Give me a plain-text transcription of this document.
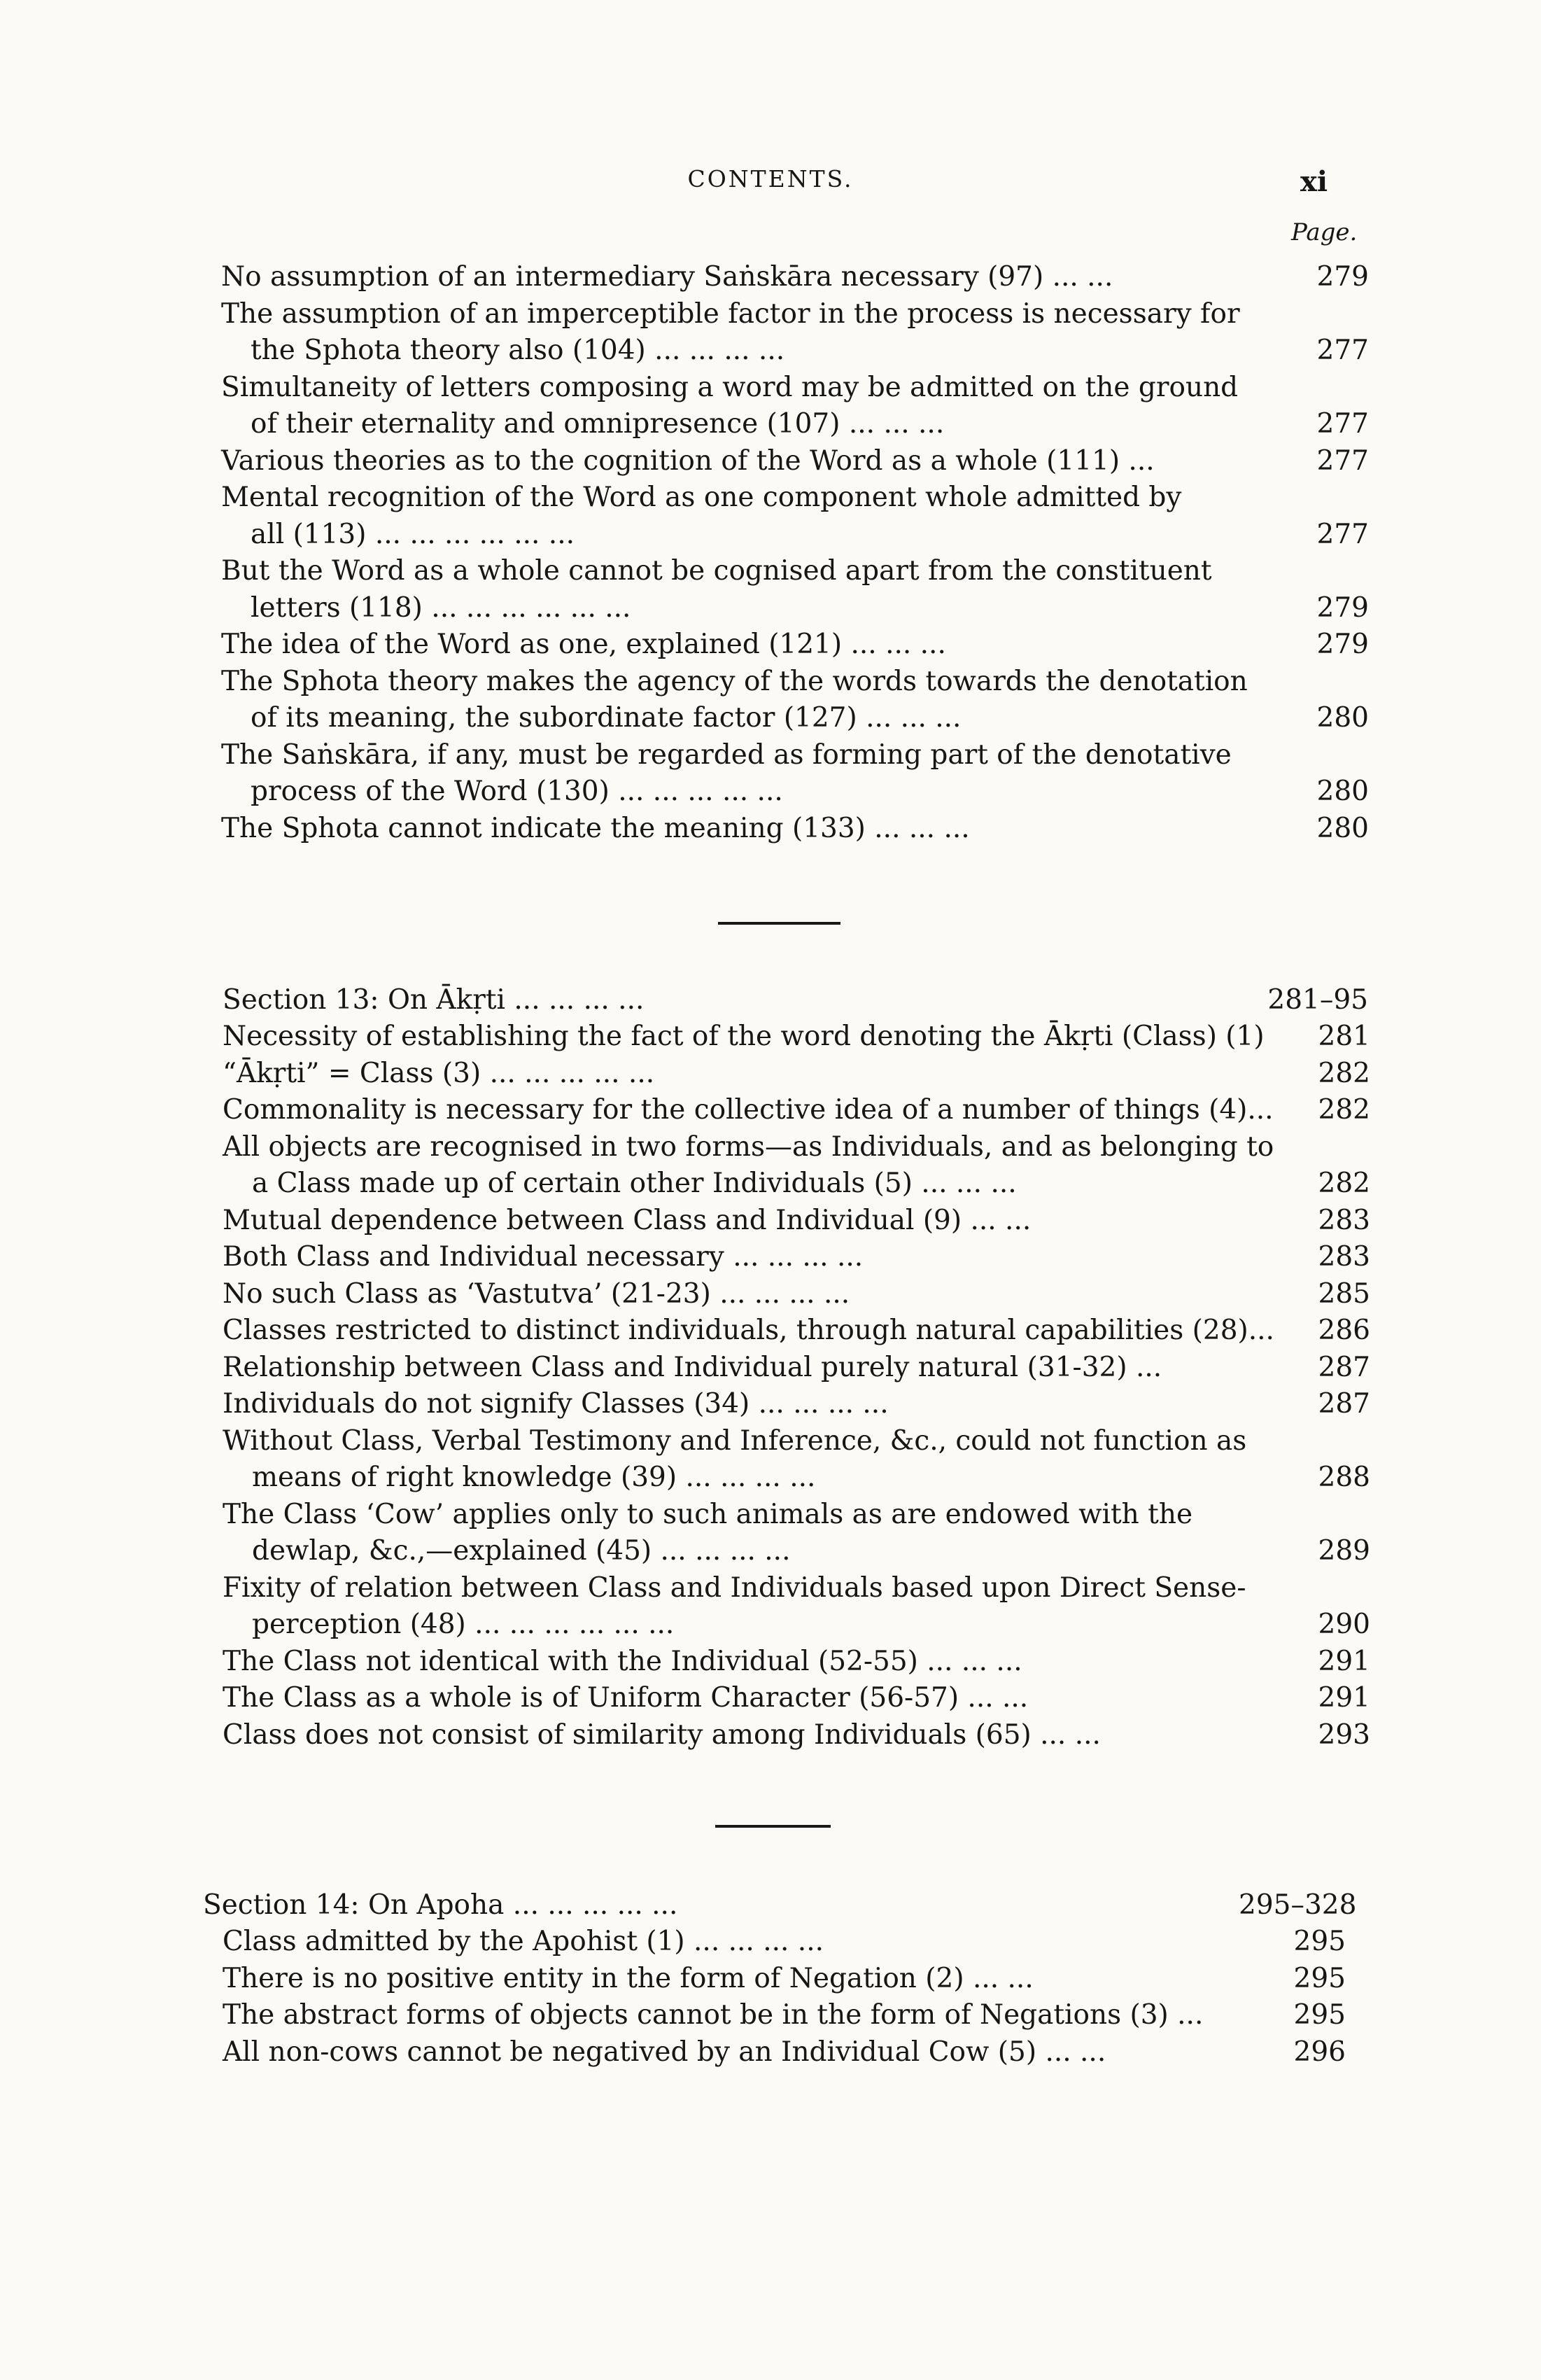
CONTENTS.	xi
Page.
No assumption of an intermediary Saṅskāra necessary (97) ... ...	279
The assumption of an imperceptible factor in the process is necessary for
the Sphota theory also (104) ... ... ... ...	277
Simultaneity of letters composing a word may be admitted on the ground
of their eternality and omnipresence (107) ... ... ...	277
Various theories as to the cognition of the Word as a whole (111) ...	277
Mental recognition of the Word as one component whole admitted by
all (113) ... ... ... ... ... ...	277
But the Word as a whole cannot be cognised apart from the constituent
letters (118) ... ... ... ... ... ...	279
The idea of the Word as one, explained (121) ... ... ...	279
The Sphota theory makes the agency of the words towards the denotation
of its meaning, the subordinate factor (127) ... ... ...	280
The Saṅskāra, if any, must be regarded as forming part of the denotative
process of the Word (130) ... ... ... ... ...	280
The Sphota cannot indicate the meaning (133) ... ... ...	280
Section 13: On Ākṛti ... ... ... ...	281–95
Necessity of establishing the fact of the word denoting the Ākṛti (Class) (1)	281
“Ākṛti” = Class (3) ... ... ... ... ...	282
Commonality is necessary for the collective idea of a number of things (4)...	282
All objects are recognised in two forms—as Individuals, and as belonging to
a Class made up of certain other Individuals (5) ... ... ...	282
Mutual dependence between Class and Individual (9) ... ...	283
Both Class and Individual necessary ... ... ... ...	283
No such Class as ‘Vastutva’ (21-23) ... ... ... ...	285
Classes restricted to distinct individuals, through natural capabilities (28)...	286
Relationship between Class and Individual purely natural (31-32) ...	287
Individuals do not signify Classes (34) ... ... ... ...	287
Without Class, Verbal Testimony and Inference, &c., could not function as
means of right knowledge (39) ... ... ... ...	288
The Class ‘Cow’ applies only to such animals as are endowed with the
dewlap, &c.,—explained (45) ... ... ... ...	289
Fixity of relation between Class and Individuals based upon Direct Sense-
perception (48) ... ... ... ... ... ...	290
The Class not identical with the Individual (52-55) ... ... ...	291
The Class as a whole is of Uniform Character (56-57) ... ...	291
Class does not consist of similarity among Individuals (65) ... ...	293
Section 14: On Apoha ... ... ... ... ...	295–328
Class admitted by the Apohist (1) ... ... ... ...	295
There is no positive entity in the form of Negation (2) ... ...	295
The abstract forms of objects cannot be in the form of Negations (3) ...	295
All non-cows cannot be negatived by an Individual Cow (5) ... ...	296
